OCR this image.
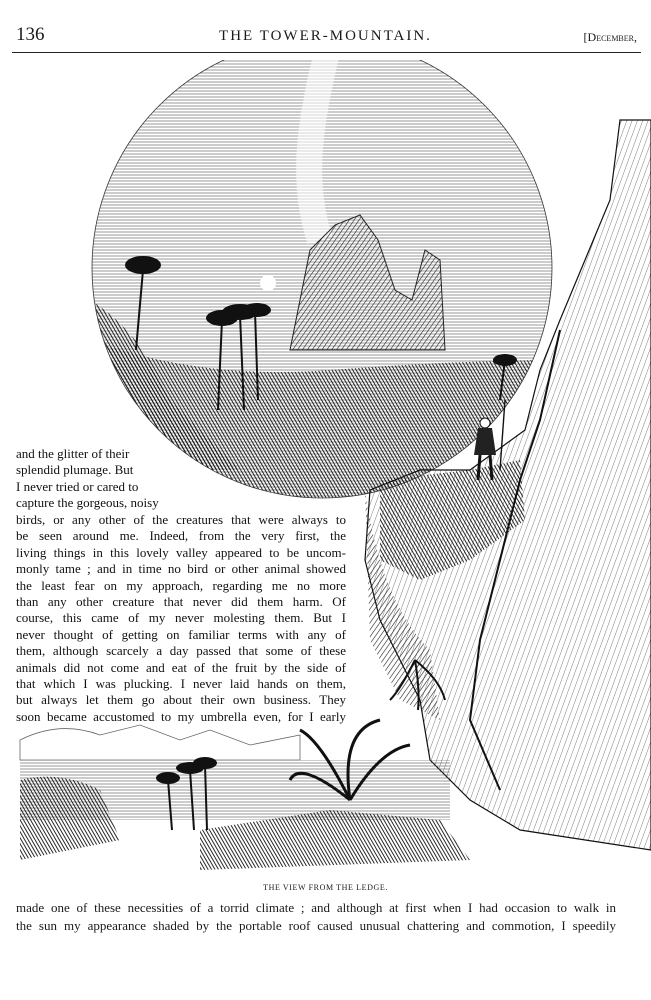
136	THE TOWER-MOUNTAIN.	[December,
and the glitter of their
splendid plumage. But
I never tried or cared to
capture the gorgeous, noisy
birds, or any other of the creatures that were always to
be seen around me. Indeed, from the very first, the
living things in this lovely valley appeared to be uncom-
monly tame ; and in time no bird or other animal showed
the least fear on my approach, regarding me no more
than any other creature that never did them harm. Of
course, this came of my never molesting them. But I
never thought of getting on familiar terms with any of
them, although scarcely a day passed that some of these
animals did not come and eat of the fruit by the side of
that which I was plucking. I never laid hands on them,
but always let them go about their own business. They
soon became accustomed to my umbrella even, for I early
THE VIEW FROM THE LEDGE.
made one of these necessities of a torrid climate ; and although at first when I had occasion to walk in
the sun my appearance shaded by the portable roof caused unusual chattering and commotion, I speedily
